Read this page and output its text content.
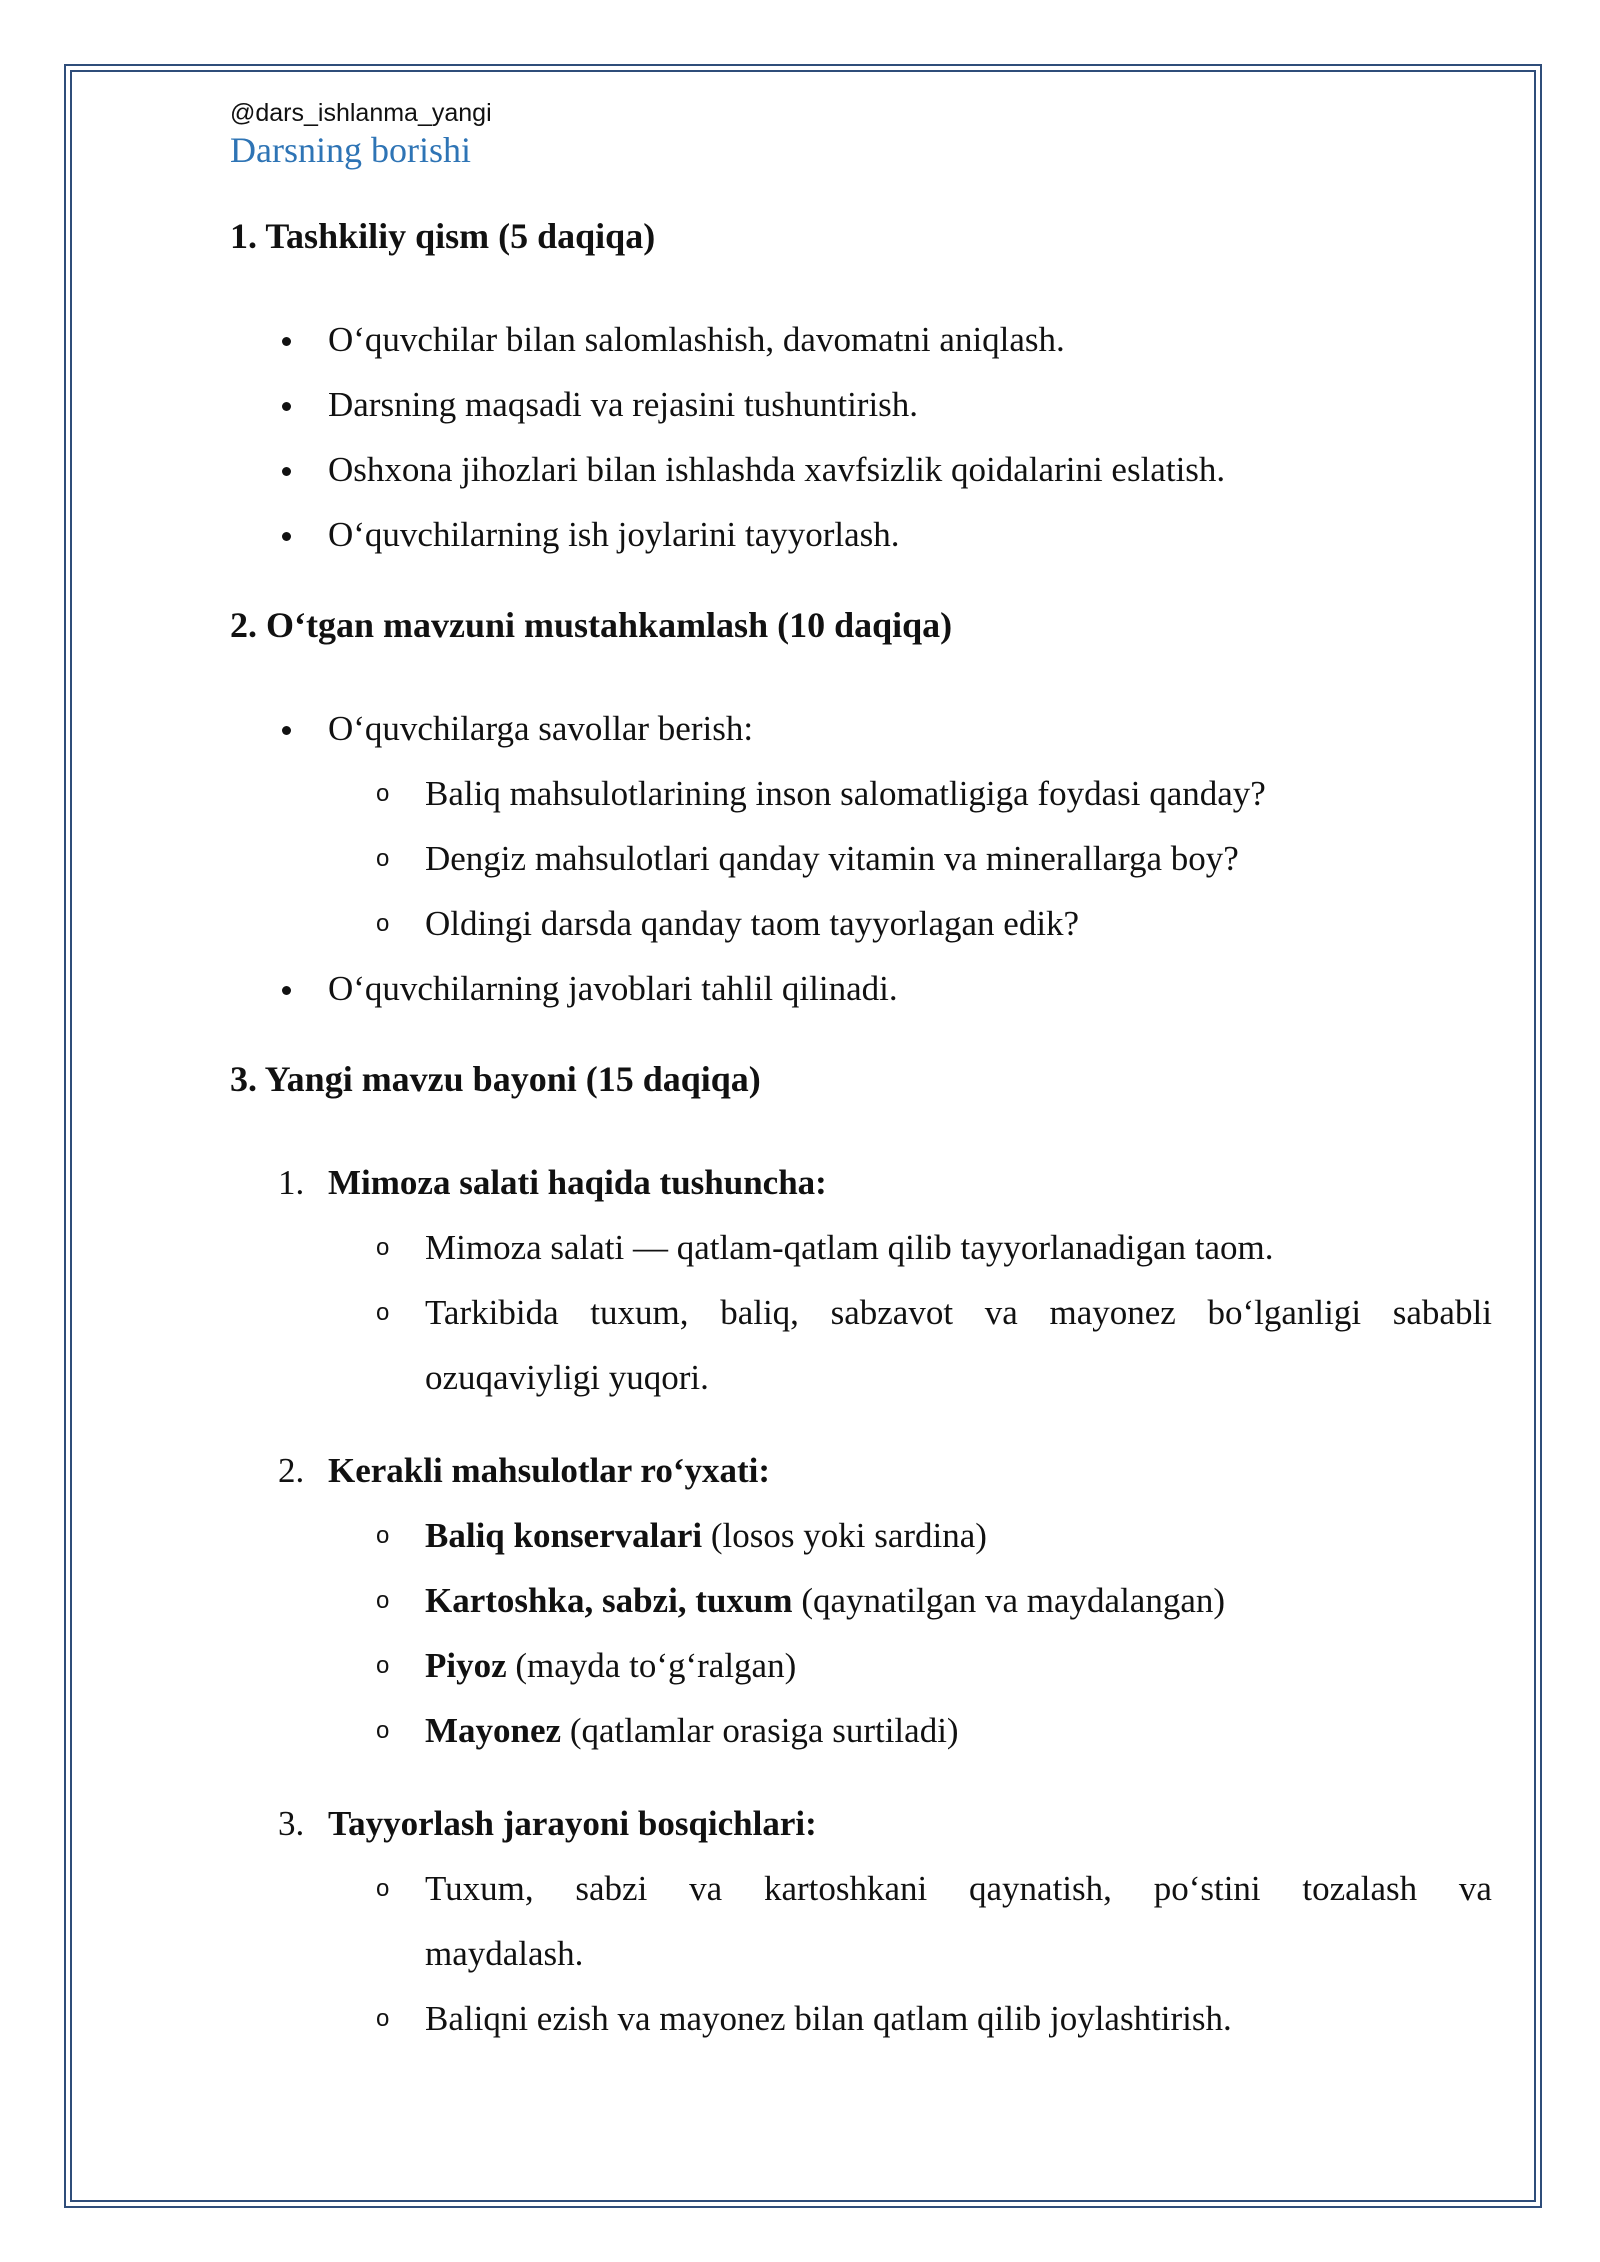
@dars_ishlanma_yangi
Darsning borishi
1. Tashkiliy qism (5 daqiqa)
O‘quvchilar bilan salomlashish, davomatni aniqlash.
Darsning maqsadi va rejasini tushuntirish.
Oshxona jihozlari bilan ishlashda xavfsizlik qoidalarini eslatish.
O‘quvchilarning ish joylarini tayyorlash.
2. O‘tgan mavzuni mustahkamlash (10 daqiqa)
O‘quvchilarga savollar berish:
o Baliq mahsulotlarining inson salomatligiga foydasi qanday?
o Dengiz mahsulotlari qanday vitamin va minerallarga boy?
o Oldingi darsda qanday taom tayyorlagan edik?
O‘quvchilarning javoblari tahlil qilinadi.
3. Yangi mavzu bayoni (15 daqiqa)
1. Mimoza salati haqida tushuncha:
o Mimoza salati — qatlam-qatlam qilib tayyorlanadigan taom.
o Tarkibida tuxum, baliq, sabzavot va mayonez bo‘lganligi sababli
ozuqaviyligi yuqori.
2. Kerakli mahsulotlar ro‘yxati:
o Baliq konservalari (losos yoki sardina)
o Kartoshka, sabzi, tuxum (qaynatilgan va maydalangan)
o Piyoz (mayda to‘g‘ralgan)
o Mayonez (qatlamlar orasiga surtiladi)
3. Tayyorlash jarayoni bosqichlari:
o Tuxum, sabzi va kartoshkani qaynatish, po‘stini tozalash va
maydalash.
o Baliqni ezish va mayonez bilan qatlam qilib joylashtirish.
